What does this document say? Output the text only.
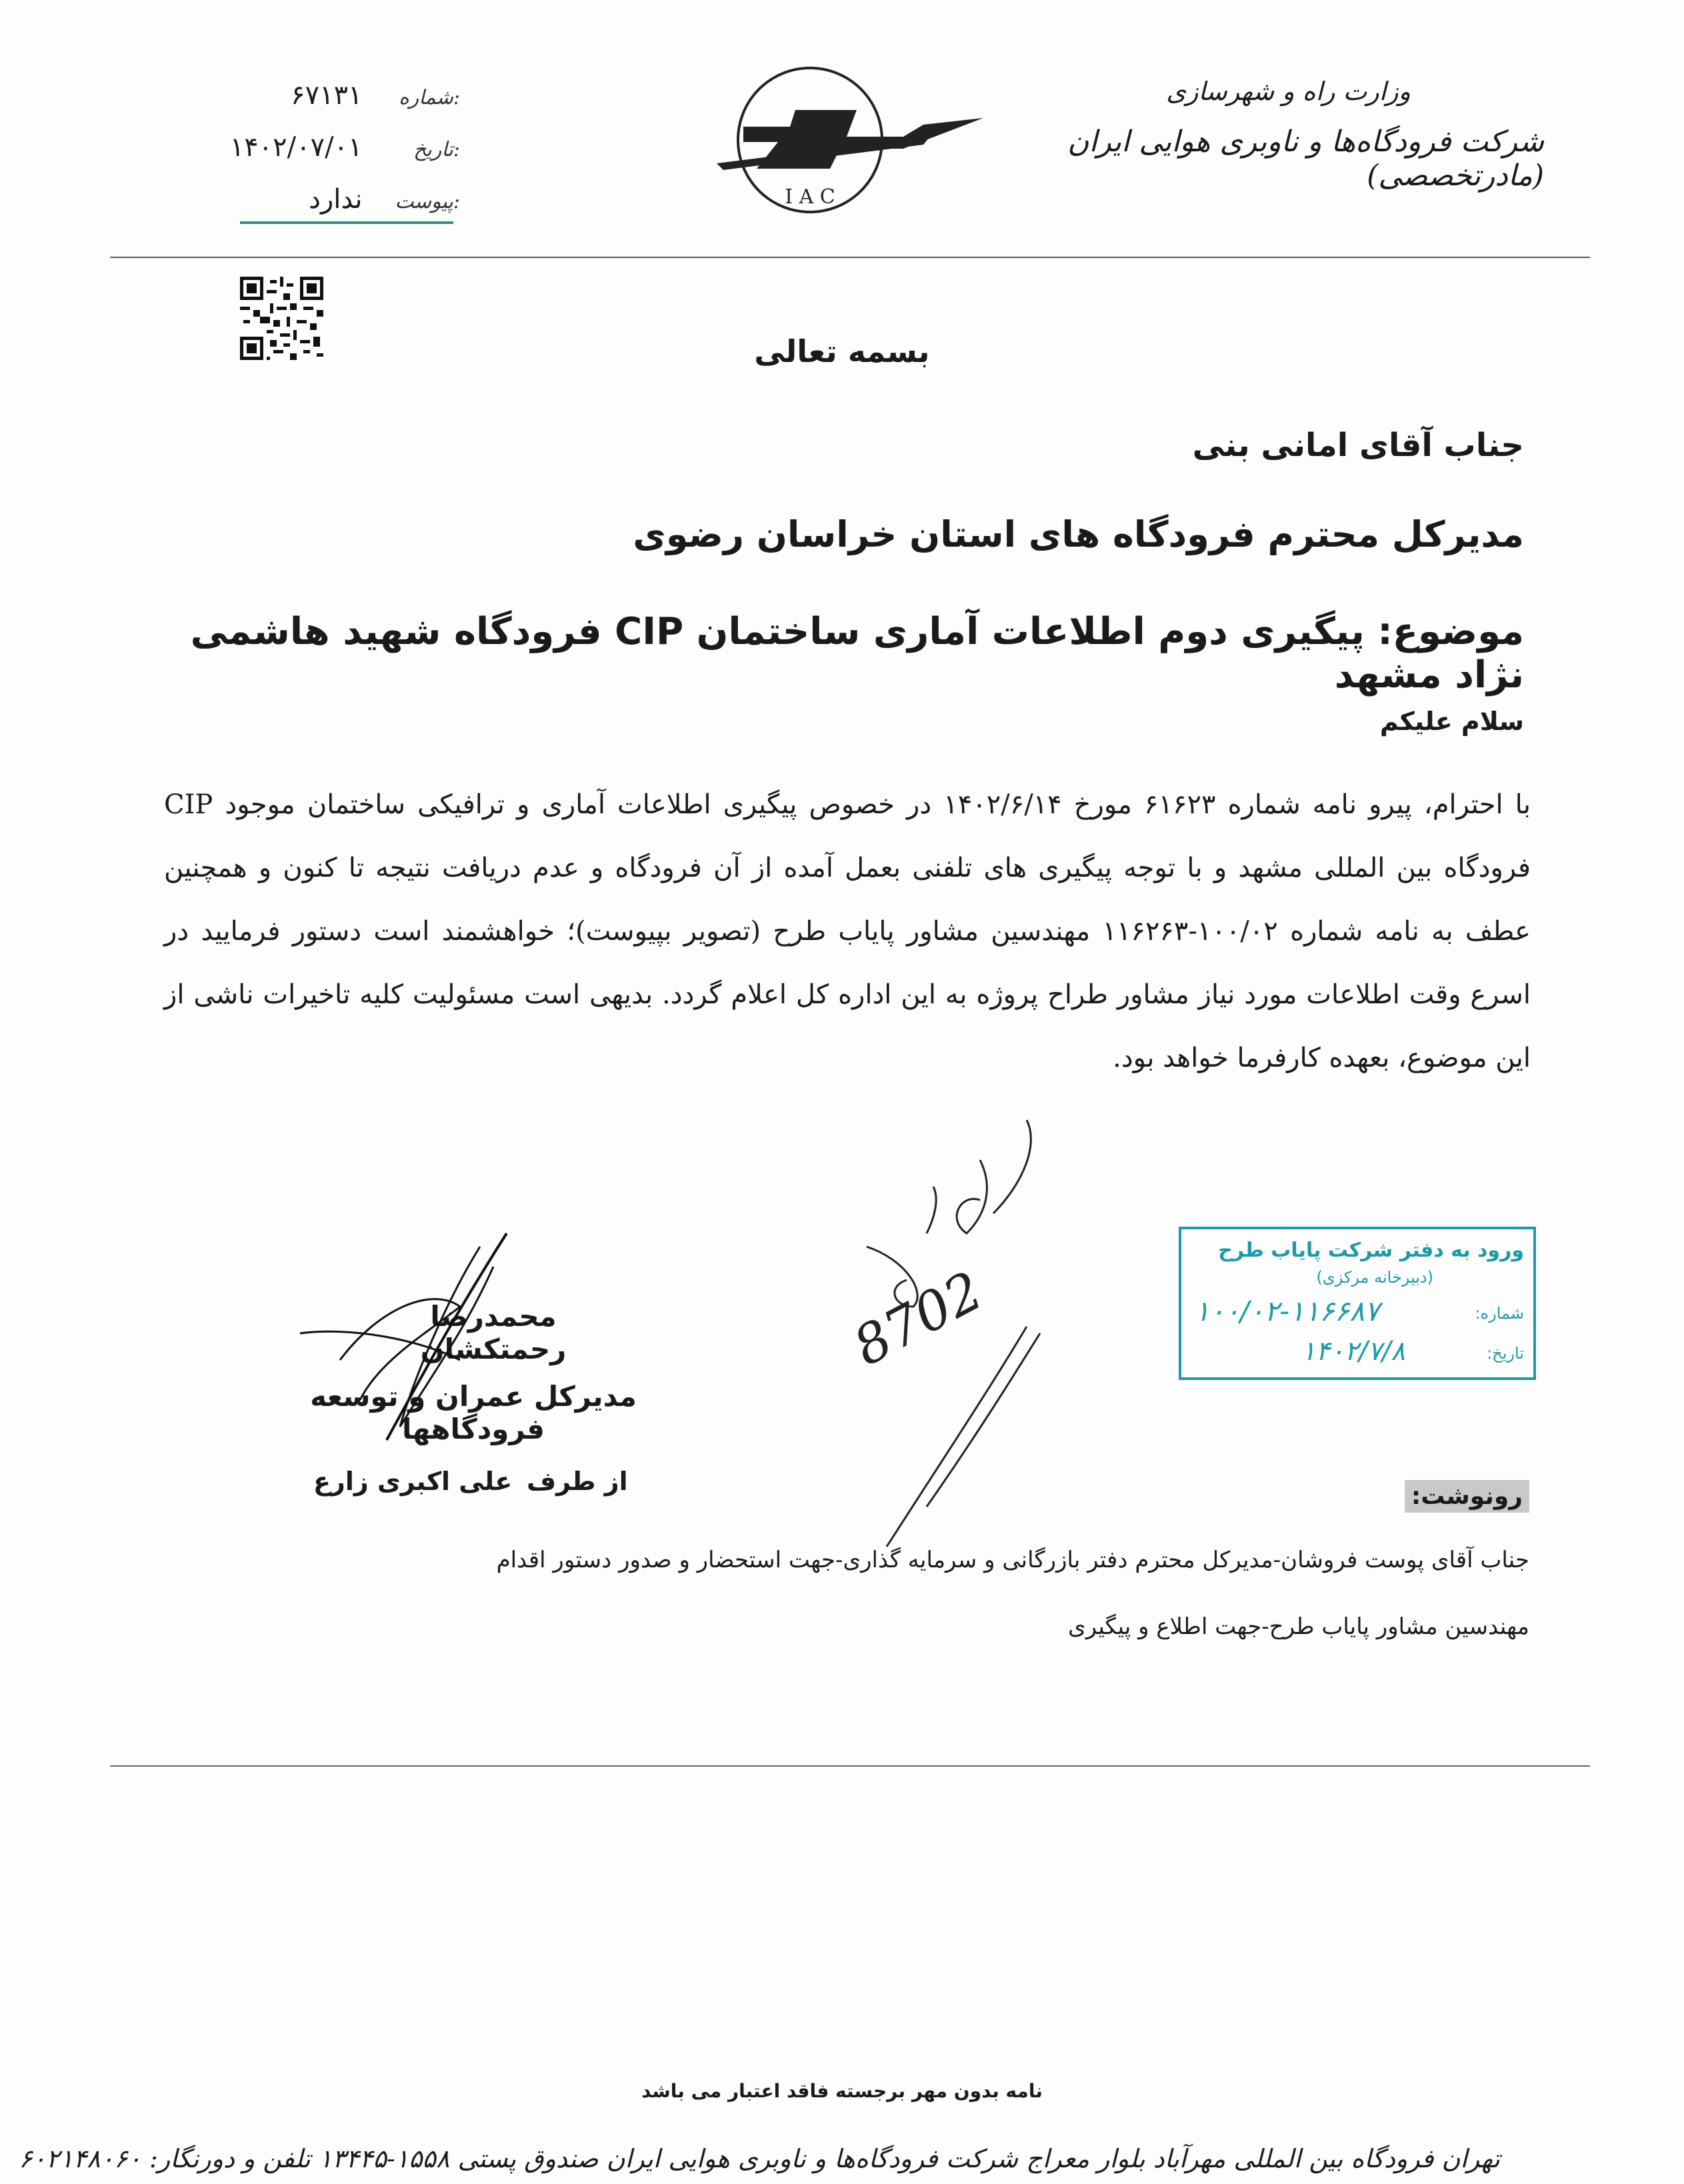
وزارت راه و شهرسازی
شرکت فرودگاه‌ها و ناوبری هوایی ایران (مادرتخصصی)
I A C
شماره:
۶۷۱۳۱
تاریخ:
۱۴۰۲/۰۷/۰۱
پیوست:
ندارد
بسمه تعالی
جناب آقای امانی بنی
مدیرکل محترم فرودگاه های استان خراسان رضوی
موضوع: پیگیری دوم اطلاعات آماری ساختمان CIP فرودگاه شهید هاشمی نژاد مشهد
سلام علیکم
با احترام، پیرو نامه شماره ۶۱۶۲۳ مورخ ۱۴۰۲/۶/۱۴ در خصوص پیگیری اطلاعات آماری و ترافیکی ساختمان موجود CIP فرودگاه بین المللی مشهد و با توجه پیگیری های تلفنی بعمل آمده از آن فرودگاه و عدم دریافت نتیجه تا کنون و همچنین عطف به نامه شماره ۱۰۰/۰۲-۱۱۶۲۶۳ مهندسین مشاور پایاب طرح (تصویر بپیوست)؛ خواهشمند است دستور فرمایید در اسرع وقت اطلاعات مورد نیاز مشاور طراح پروژه به این اداره کل اعلام گردد. بدیهی است مسئولیت کلیه تاخیرات ناشی از این موضوع، بعهده کارفرما خواهد بود.
محمدرضا رحمتکشان
مدیرکل عمران و توسعه فرودگاهها
از طرف
علی اکبری زارع
ورود به دفتر شرکت پایاب طرح
(دبیرخانه مرکزی)
شماره:
۱۰۰/۰۲-۱۱۶۶۸۷
تاریخ:
۱۴۰۲/۷/۸
8702
رونوشت:
جناب آقای پوست فروشان-مدیرکل محترم دفتر بازرگانی و سرمایه گذاری-جهت استحضار و صدور دستور اقدام
مهندسین مشاور پایاب طرح-جهت اطلاع و پیگیری
نامه بدون مهر برجسته فاقد اعتبار می باشد
تهران فرودگاه بین المللی مهرآباد بلوار معراج شرکت فرودگاه‌ها و ناوبری هوایی ایران صندوق پستی ۱۵۵۸-۱۳۴۴۵ تلفن و دورنگار: ۶۰۲۱۴۸۰۶۰
